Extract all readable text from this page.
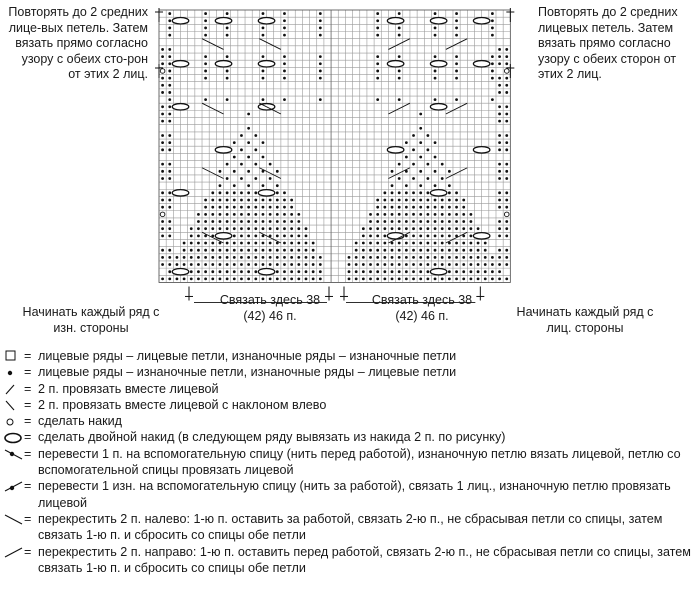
Повторять до 2 средних лице-вых петель. Затем вязать прямо согласно узору с обеих сто-рон от этих 2 лиц.

Повторять до 2 средних лицевых петель. Затем вязать прямо согласно узору с обеих сторон от этих 2 лиц.

Связать здесь 38 (42) 46 п.

Связать здесь 38 (42) 46 п.

Начинать каждый ряд с изн. стороны

Начинать каждый ряд с лиц. стороны

= лицевые ряды – лицевые петли, изнаночные ряды – изнаночные петли
= лицевые ряды – изнаночные петли, изнаночные ряды – лицевые петли
= 2 п. провязать вместе лицевой
= 2 п. провязать вместе лицевой с наклоном влево
= сделать накид
= сделать двойной накид (в следующем ряду вывязать из накида 2 п. по рисунку)
= перевести 1 п. на вспомогательную спицу (нить перед работой), изнаночную петлю вязать лицевой, петлю со вспомогательной спицы провязать лицевой
= перевести 1 изн. на вспомогательную спицу (нить за работой), связать 1 лиц., изнаночную петлю провязать лицевой
= перекрестить 2 п. налево: 1-ю п. оставить за работой, связать 2-ю п., не сбрасывая петли со спицы, затем связать 1-ю п. и сбросить со спицы обе петли
= перекрестить 2 п. направо: 1-ю п. оставить перед работой, связать 2-ю п., не сбрасывая петли со спицы, затем связать 1-ю п. и сбросить со спицы обе петли
